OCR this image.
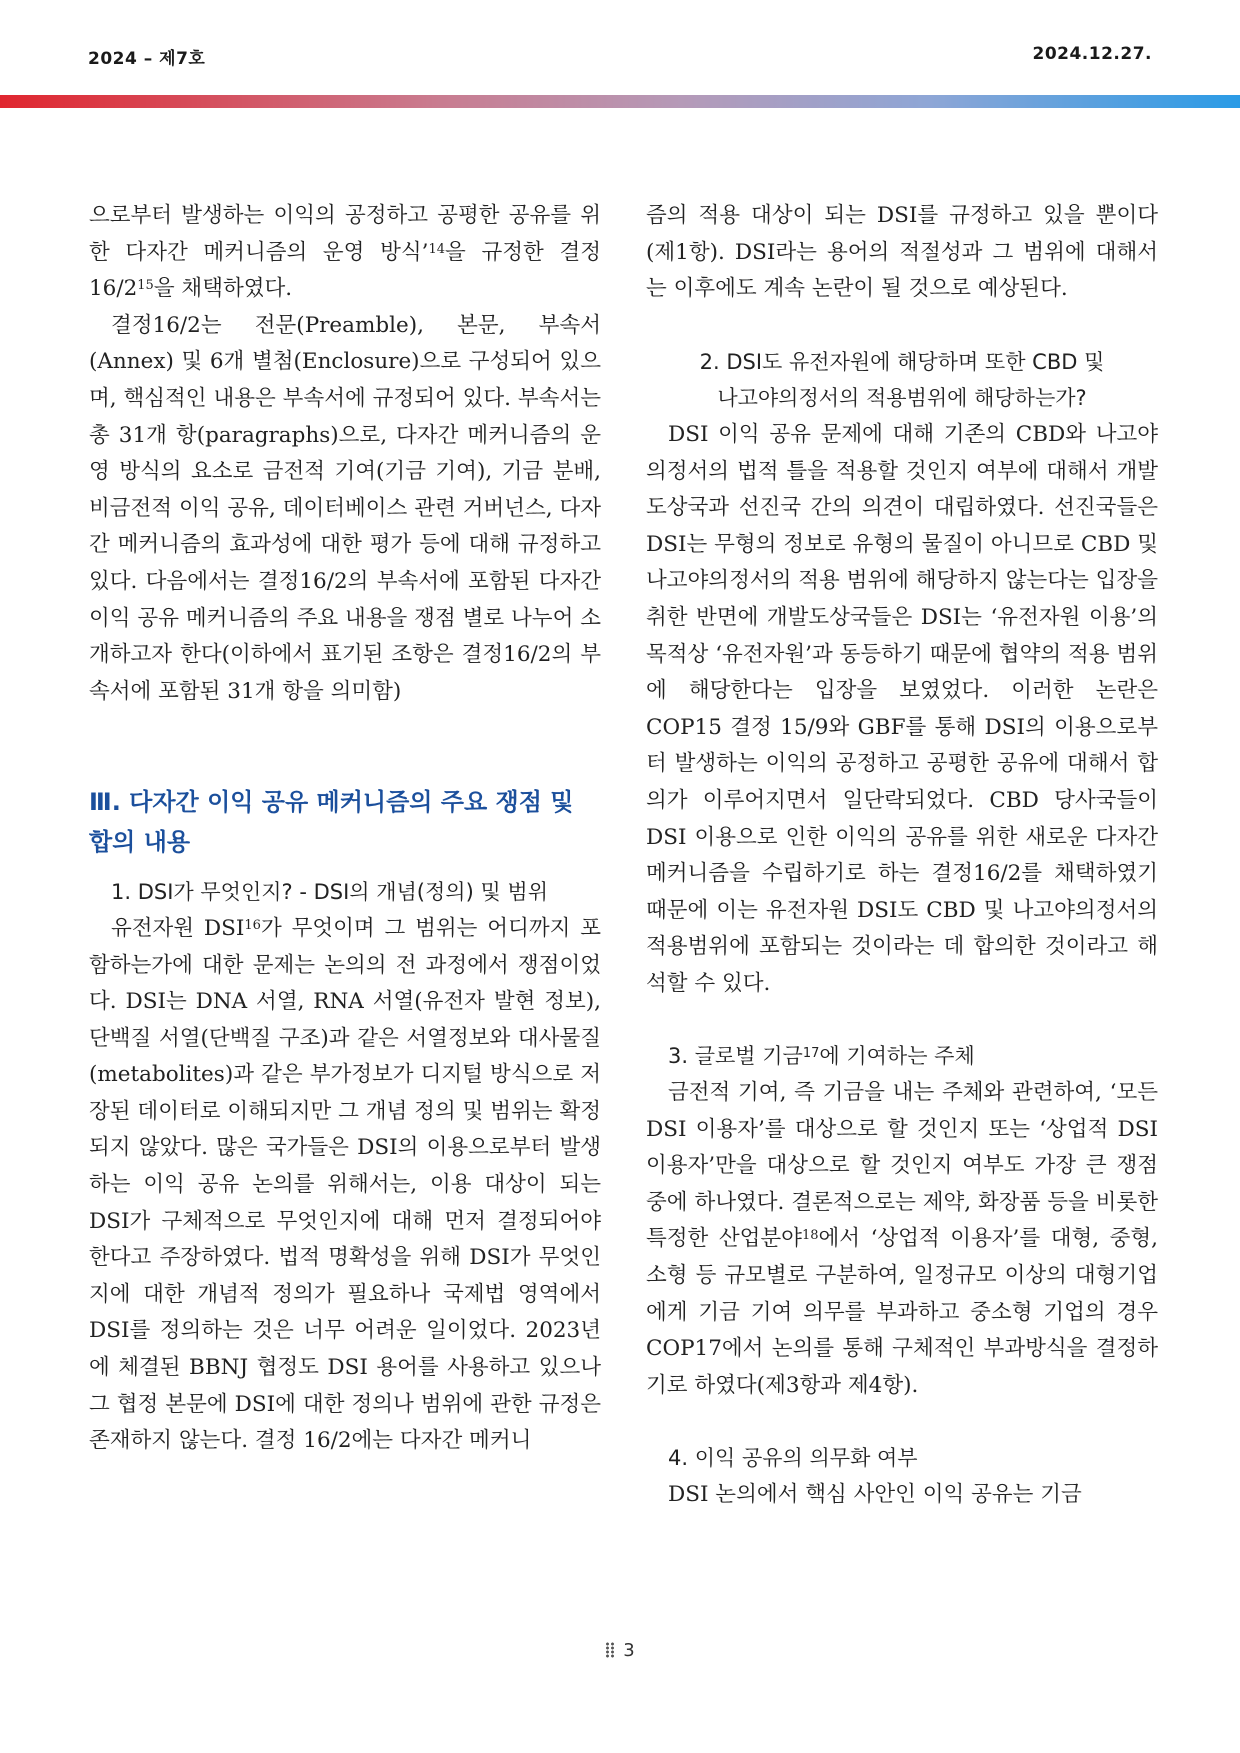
2024 – 제7호	2024.12.27.

으로부터 발생하는 이익의 공정하고 공평한 공유를 위한 다자간 메커니즘의 운영 방식’$^{14}$을 규정한 결정$16/2^{15}$을 채택하였다.

결정16/2는 전문(Preamble), 본문, 부속서(Annex) 및 6개 별첨(Enclosure)으로 구성되어 있으며, 핵심적인 내용은 부속서에 규정되어 있다. 부속서는 총 31개 항(paragraphs)으로, 다자간 메커니즘의 운영 방식의 요소로 금전적 기여(기금 기여), 기금 분배, 비금전적 이익 공유, 데이터베이스 관련 거버넌스, 다자간 메커니즘의 효과성에 대한 평가 등에 대해 규정하고 있다. 다음에서는 결정16/2의 부속서에 포함된 다자간 이익 공유 메커니즘의 주요 내용을 쟁점 별로 나누어 소개하고자 한다(이하에서 표기된 조항은 결정16/2의 부속서에 포함된 31개 항을 의미함)

Ⅲ. 다자간 이익 공유 메커니즘의 주요 쟁점 및 합의 내용
1. DSI가 무엇인지? - DSI의 개념(정의) 및 범위

유전자원 DSI$^{16}$가 무엇이며 그 범위는 어디까지 포함하는가에 대한 문제는 논의의 전 과정에서 쟁점이었다. DSI는 DNA 서열, RNA 서열(유전자 발현 정보), 단백질 서열(단백질 구조)과 같은 서열정보와 대사물질(metabolites)과 같은 부가정보가 디지털 방식으로 저장된 데이터로 이해되지만 그 개념 정의 및 범위는 확정되지 않았다. 많은 국가들은 DSI의 이용으로부터 발생하는 이익 공유 논의를 위해서는, 이용 대상이 되는 DSI가 구체적으로 무엇인지에 대해 먼저 결정되어야 한다고 주장하였다. 법적 명확성을 위해 DSI가 무엇인지에 대한 개념적 정의가 필요하나 국제법 영역에서 DSI를 정의하는 것은 너무 어려운 일이었다. 2023년에 체결된 BBNJ 협정도 DSI 용어를 사용하고 있으나 그 협정 본문에 DSI에 대한 정의나 범위에 관한 규정은 존재하지 않는다. 결정 16/2에는 다자간 메커니

즘의 적용 대상이 되는 DSI를 규정하고 있을 뿐이다(제1항). DSI라는 용어의 적절성과 그 범위에 대해서는 이후에도 계속 논란이 될 것으로 예상된다.

2. DSI도 유전자원에 해당하며 또한 CBD 및
나고야의정서의 적용범위에 해당하는가?

DSI 이익 공유 문제에 대해 기존의 CBD와 나고야의정서의 법적 틀을 적용할 것인지 여부에 대해서 개발도상국과 선진국 간의 의견이 대립하였다. 선진국들은 DSI는 무형의 정보로 유형의 물질이 아니므로 CBD 및 나고야의정서의 적용 범위에 해당하지 않는다는 입장을 취한 반면에 개발도상국들은 DSI는 ‘유전자원 이용’의 목적상 ‘유전자원’과 동등하기 때문에 협약의 적용 범위에 해당한다는 입장을 보였었다. 이러한 논란은 COP15 결정 15/9와 GBF를 통해 DSI의 이용으로부터 발생하는 이익의 공정하고 공평한 공유에 대해서 합의가 이루어지면서 일단락되었다. CBD 당사국들이 DSI 이용으로 인한 이익의 공유를 위한 새로운 다자간 메커니즘을 수립하기로 하는 결정16/2를 채택하였기 때문에 이는 유전자원 DSI도 CBD 및 나고야의정서의 적용범위에 포함되는 것이라는 데 합의한 것이라고 해석할 수 있다.

3. 글로벌 기금$^{17}$에 기여하는 주체

금전적 기여, 즉 기금을 내는 주체와 관련하여, ‘모든 DSI 이용자’를 대상으로 할 것인지 또는 ‘상업적 DSI 이용자’만을 대상으로 할 것인지 여부도 가장 큰 쟁점 중에 하나였다. 결론적으로는 제약, 화장품 등을 비롯한 특정한 산업분야$^{18}$에서 ‘상업적 이용자’를 대형, 중형, 소형 등 규모별로 구분하여, 일정규모 이상의 대형기업에게 기금 기여 의무를 부과하고 중소형 기업의 경우 COP17에서 논의를 통해 구체적인 부과방식을 결정하기로 하였다(제3항과 제4항).

4. 이익 공유의 의무화 여부

DSI 논의에서 핵심 사안인 이익 공유는 기금

3
